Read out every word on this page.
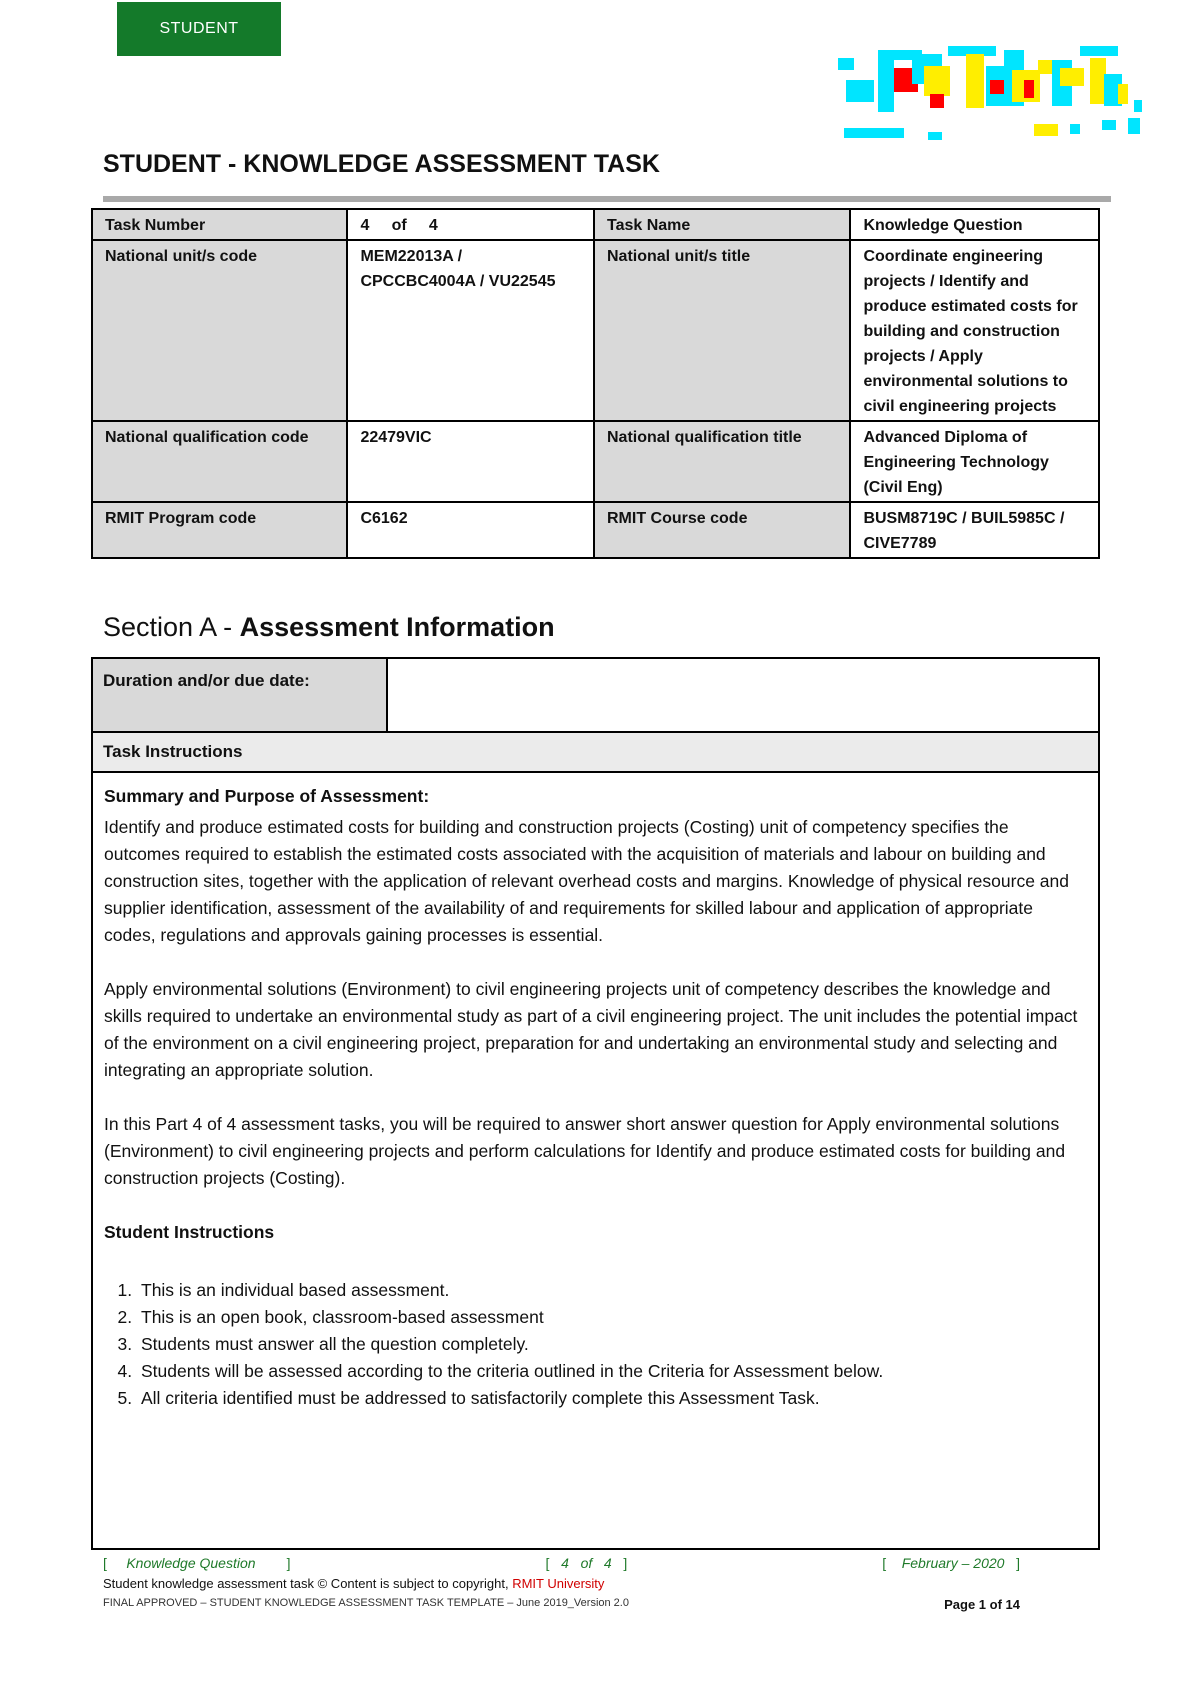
STUDENT
STUDENT - KNOWLEDGE ASSESSMENT TASK
Task Number	4     of     4	Task Name	Knowledge Question
National unit/s code	MEM22013A / CPCCBC4004A / VU22545	National unit/s title	Coordinate engineering projects / Identify and produce estimated costs for building and construction projects / Apply environmental solutions to civil engineering projects
National qualification code	22479VIC	National qualification title	Advanced Diploma of Engineering Technology (Civil Eng)
RMIT Program code	C6162	RMIT Course code	BUSM8719C / BUIL5985C / CIVE7789
Section A - Assessment Information
Duration and/or due date:
Task Instructions

Summary and Purpose of Assessment:

Identify and produce estimated costs for building and construction projects (Costing) unit of competency specifies the outcomes required to establish the estimated costs associated with the acquisition of materials and labour on building and construction sites, together with the application of relevant overhead costs and margins. Knowledge of physical resource and supplier identification, assessment of the availability of and requirements for skilled labour and application of appropriate codes, regulations and approvals gaining processes is essential.

Apply environmental solutions (Environment) to civil engineering projects unit of competency describes the knowledge and skills required to undertake an environmental study as part of a civil engineering project. The unit includes the potential impact of the environment on a civil engineering project, preparation for and undertaking an environmental study and selecting and integrating an appropriate solution.

In this Part 4 of 4 assessment tasks, you will be required to answer short answer question for Apply environmental solutions (Environment) to civil engineering projects and perform calculations for Identify and produce estimated costs for building and construction projects (Costing).

Student Instructions

1. This is an individual based assessment.
2. This is an open book, classroom-based assessment
3. Students must answer all the question completely.
4. Students will be assessed according to the criteria outlined in the Criteria for Assessment below.
5. All criteria identified must be addressed to satisfactorily complete this Assessment Task.
[     Knowledge Question        ]	[   4   of   4   ]	[    February – 2020   ]
Student knowledge assessment task © Content is subject to copyright, RMIT University
FINAL APPROVED – STUDENT KNOWLEDGE ASSESSMENT TASK TEMPLATE – June 2019_Version 2.0	Page 1 of 14
